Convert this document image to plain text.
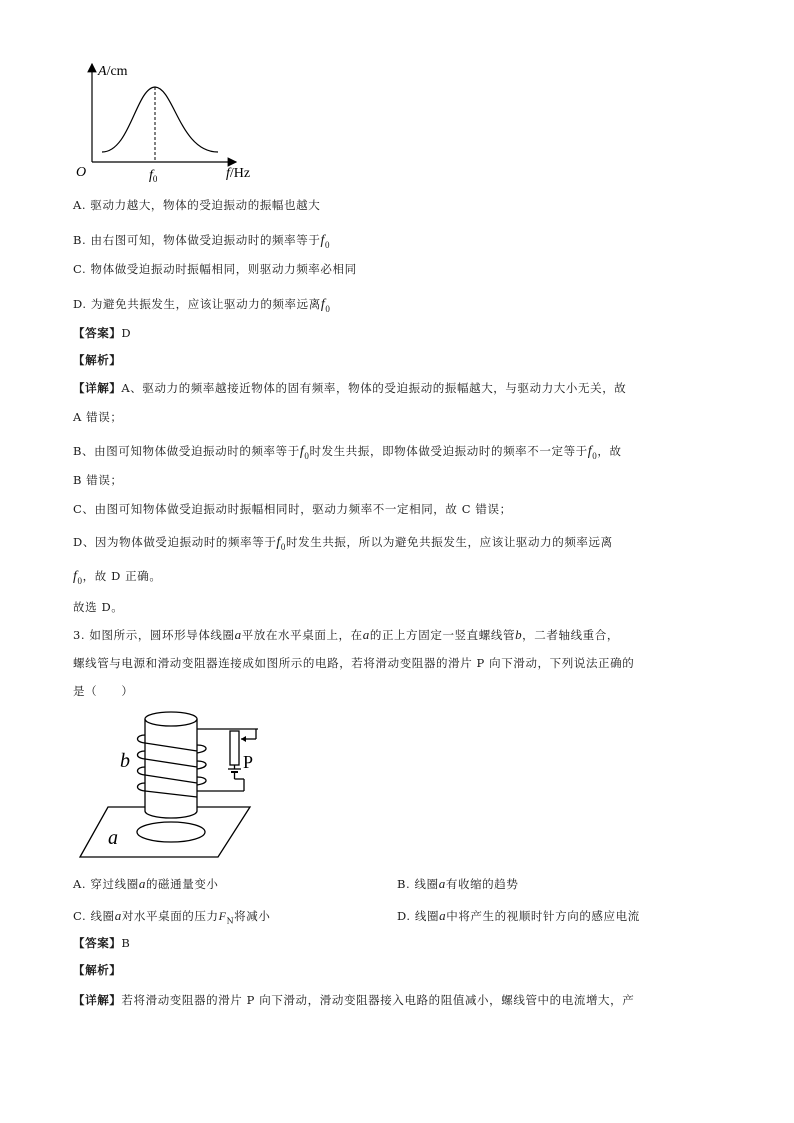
A/cm
O	$f_0$	f/Hz
A. 驱动力越大，物体的受迫振动的振幅也越大
B. 由右图可知，物体做受迫振动时的频率等于$f_0$
C. 物体做受迫振动时振幅相同，则驱动力频率必相同
D. 为避免共振发生，应该让驱动力的频率远离$f_0$
【答案】D
【解析】
【详解】A、驱动力的频率越接近物体的固有频率，物体的受迫振动的振幅越大，与驱动力大小无关，故
A 错误；
B、由图可知物体做受迫振动时的频率等于$f_0$时发生共振，即物体做受迫振动时的频率不一定等于$f_0$，故
B 错误；
C、由图可知物体做受迫振动时振幅相同时，驱动力频率不一定相同，故 C 错误；
D、因为物体做受迫振动时的频率等于$f_0$时发生共振，所以为避免共振发生，应该让驱动力的频率远离
$f_0$，故 D 正确。
故选 D。
3. 如图所示，圆环形导体线圈a平放在水平桌面上，在a的正上方固定一竖直螺线管b，二者轴线重合，
螺线管与电源和滑动变阻器连接成如图所示的电路，若将滑动变阻器的滑片 P 向下滑动，下列说法正确的
是（　　）
a
b	P
A. 穿过线圈a的磁通量变小	B. 线圈a有收缩的趋势
C. 线圈a对水平桌面的压力$F_N$将减小	D. 线圈a中将产生的视顺时针方向的感应电流
【答案】B
【解析】
【详解】若将滑动变阻器的滑片 P 向下滑动，滑动变阻器接入电路的阻值减小，螺线管中的电流增大，产
